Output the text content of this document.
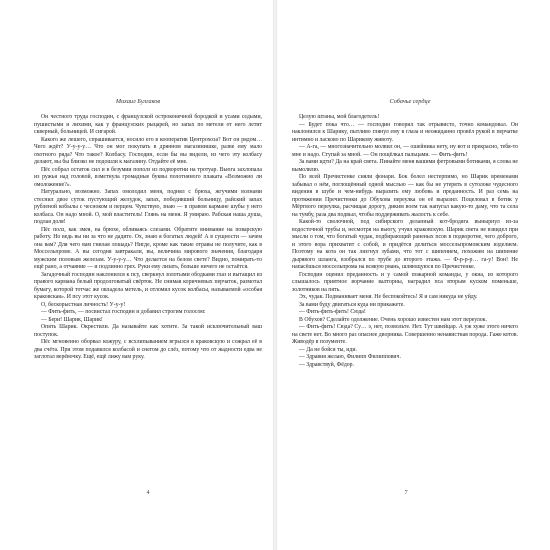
Михаил Булгаков

Он честного труда господин, с французской остроконечной бородкой и усами седыми, пушистыми и лихими, как у французских рыцарей, но запах по метели от него летит скверный, больницей. И сигарой.

Какого же лешего, спрашивается, носило его в кооператив Центрохоза? Вот он рядом… Чего ждёт? У-у-у-у… Что он мог покупать в дрянном магазинишке, разве ему мало охотного ряда? Что такое? Колбасу. Господин, если бы вы видели, из чего эту колбасу делают, вы бы близко не подошли к магазину. Отдайте её мне.

Пёс собрал остаток сил и в безумии пополз из подворотни на тротуар. Вьюга захлопала из ружья над головой, взметнула громадные буквы полотняного плаката «Возможно ли омоложение?».

Натурально, возможно. Запах омолодил меня, поднял с брюха, жгучими волнами стеснил двое суток пустующий желудок, запах, победивший больницу, райский запах рубленой кобылы с чесноком и перцем. Чувствую, знаю — в правом кармане шубы у него колбаса. Он надо мной. О, мой властитель! Глянь на меня. Я умираю. Рабская наша душа, подлая доля!

Пёс полз, как змея, на брюхе, обливаясь слезами. Обратите внимание на поварскую работу. Но ведь вы ни за что не дадите. Ох, знаю я богатых людей! А в сущности — зачем она вам? Для чего вам гнилая лошадь? Нигде, кроме как такие отравы не получите, как в Моссельпроме. А вы сегодня завтракали, вы, величина мирового значения, благодаря мужским половым железам. У-у-у-у… Что делается на белом свете? Видно, помирать-то ещё рано, а отчаяние — и подлинно грех. Руки ему лизать, больше ничего не остаётся.

Загадочный господин наклонился к псу, сверкнул золотыми ободками глаз и вытащил из правого кармана белый продолговатый свёрток. Не снимая коричневых перчаток, размотал бумагу, которой тотчас же овладела метель, и отломил кусок колбасы, называемой «особая краковская». И псу этот кусок.

О, бескорыстная личность! У-у-у!

— Фить-фить, — посвистал господин и добавил строгим голосом:

— Бери! Шарик, Шарик!

Опять Шарик. Окрестили. Да называйте как хотите. За такой исключительный ваш поступок.

Пёс мгновенно оборвал кожуру, с всхлипыванием вгрызся в краковскую и сожрал её в два счёта. При этом подавился колбасой и снегом до слёз, потому что от жадности едва не заглотал верёвочку. Ещё, ещё лижу вам руку.

4
Собачье сердце

Целую штаны, мой благодетель!

— Будет пока что… — господин говорил так отрывисто, точно командовал. Он наклонился к Шарику, пытливо глянул ему в глаза и неожиданно провёл рукой в перчатке интимно и ласково по Шарикову животу.

— А-га, — многозначительно молвил он, — ошейника нету, ну вот и прекрасно, тебя-то мне и надо. Ступай за мной. — Он пощёлкал пальцами. — Фить-фить!

За вами идти? Да на край света. Пинайте меня вашими фетровыми ботиками, я слова не вымолвлю.

По всей Пречистенке сияли фонари. Бок болел нестерпимо, но Шарик временами забывал о нём, поглощённый одной мыслью — как бы не утерять в сутолоке чудесного видения в шубе и чем-нибудь выразить ему любовь и преданность. И раз семь на протяжении Пречистенки до Обухова переулка он её выразил. Поцеловал в ботик у Мёртвого переулка, расчищая дорогу, диким воем так напугал какую-то даму, что та села на тумбу, раза два подвыл, чтобы поддерживать жалость к себе.

Какой-то сволочной, под сибирского деланный кот-бродяга вынырнул из-за водосточной трубы и, несмотря на вьюгу, учуял краковскую. Шарик света не взвидел при мысли о том, что богатый чудак, подбирающий раненых псов в подворотне, чего доброго, и этого вора прихватит с собой, и придётся делиться моссельпромовским изделием. Поэтому на кота он так лязгнул зубами, что тот с шипением, похожим на шипение дырявого шланга, взобрался по трубе до второго этажа. — Ф-р-р-р… га-у! Вон! Не напасёшься моссельпрома на всякую рвань, шляющуюся по Пречистенке.

Господин оценил преданность и у самой пожарной команды, у окна, из которого слышалось приятное ворчание валторны, наградил пса вторым куском поменьше, золотников на пять.

Эх, чудак. Подманивает меня. Не беспокойтесь! Я и сам никуда не уйду.

За вами буду двигаться куда ни прикажете.

— Фить-фить-фить! Сюда!

В Обухов? Сделайте одолжение. Очень хорошо известен нам этот переулок.

— Фить-фить! Сюда? Су… э, нет, позвольте. Нет. Тут швейцар. А уж хуже этого ничего на свете нет. Во много раз опаснее дворника. Совершенно ненавистная порода. Гаже котов. Живодёр в позументе.

— Да не бойся ты, иди.

— Здравия желаю, Филипп Филиппович.

— Здравствуй, Фёдор.

7
